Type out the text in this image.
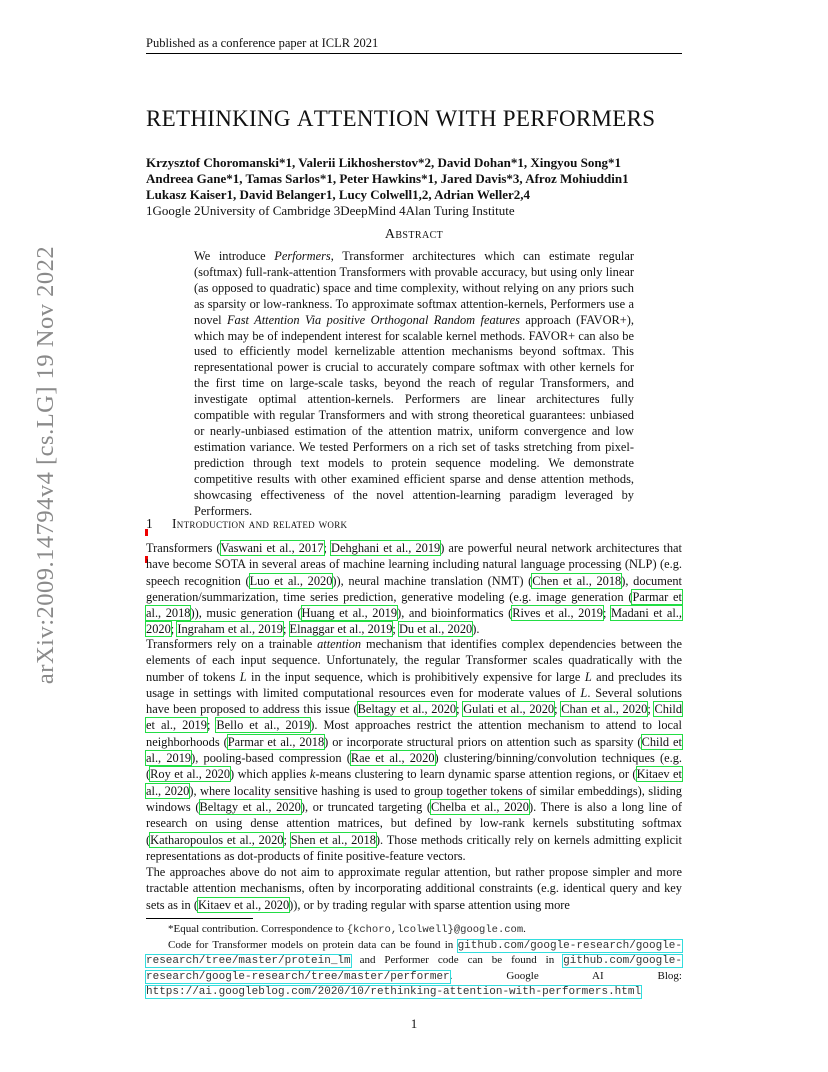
Published as a conference paper at ICLR 2021
RETHINKING ATTENTION WITH PERFORMERS
Krzysztof Choromanski*1, Valerii Likhosherstov*2, David Dohan*1, Xingyou Song*1
Andreea Gane*1, Tamas Sarlos*1, Peter Hawkins*1, Jared Davis*3, Afroz Mohiuddin1
Lukasz Kaiser1, David Belanger1, Lucy Colwell1,2, Adrian Weller2,4
1Google 2University of Cambridge 3DeepMind 4Alan Turing Institute
Abstract
We introduce Performers, Transformer architectures which can estimate regular (softmax) full-rank-attention Transformers with provable accuracy, but using only linear (as opposed to quadratic) space and time complexity, without relying on any priors such as sparsity or low-rankness. To approximate softmax attention-kernels, Performers use a novel Fast Attention Via positive Orthogonal Random features approach (FAVOR+), which may be of independent interest for scalable kernel methods. FAVOR+ can also be used to efficiently model kernelizable attention mechanisms beyond softmax. This representational power is crucial to accurately compare softmax with other kernels for the first time on large-scale tasks, beyond the reach of regular Transformers, and investigate optimal attention-kernels. Performers are linear architectures fully compatible with regular Transformers and with strong theoretical guarantees: unbiased or nearly-unbiased estimation of the attention matrix, uniform convergence and low estimation variance. We tested Performers on a rich set of tasks stretching from pixel-prediction through text models to protein sequence modeling. We demonstrate competitive results with other examined efficient sparse and dense attention methods, showcasing effectiveness of the novel attention-learning paradigm leveraged by Performers.
1 Introduction and related work
Transformers (Vaswani et al., 2017; Dehghani et al., 2019) are powerful neural network architectures that have become SOTA in several areas of machine learning including natural language processing (NLP) (e.g. speech recognition (Luo et al., 2020)), neural machine translation (NMT) (Chen et al., 2018), document generation/summarization, time series prediction, generative modeling (e.g. image generation (Parmar et al., 2018)), music generation (Huang et al., 2019), and bioinformatics (Rives et al., 2019; Madani et al., 2020; Ingraham et al., 2019; Elnaggar et al., 2019; Du et al., 2020).
Transformers rely on a trainable attention mechanism that identifies complex dependencies between the elements of each input sequence. Unfortunately, the regular Transformer scales quadratically with the number of tokens L in the input sequence, which is prohibitively expensive for large L and precludes its usage in settings with limited computational resources even for moderate values of L. Several solutions have been proposed to address this issue (Beltagy et al., 2020; Gulati et al., 2020; Chan et al., 2020; Child et al., 2019; Bello et al., 2019). Most approaches restrict the attention mechanism to attend to local neighborhoods (Parmar et al., 2018) or incorporate structural priors on attention such as sparsity (Child et al., 2019), pooling-based compression (Rae et al., 2020) clustering/binning/convolution techniques (e.g. (Roy et al., 2020) which applies k-means clustering to learn dynamic sparse attention regions, or (Kitaev et al., 2020), where locality sensitive hashing is used to group together tokens of similar embeddings), sliding windows (Beltagy et al., 2020), or truncated targeting (Chelba et al., 2020). There is also a long line of research on using dense attention matrices, but defined by low-rank kernels substituting softmax (Katharopoulos et al., 2020; Shen et al., 2018). Those methods critically rely on kernels admitting explicit representations as dot-products of finite positive-feature vectors.
The approaches above do not aim to approximate regular attention, but rather propose simpler and more tractable attention mechanisms, often by incorporating additional constraints (e.g. identical query and key sets as in (Kitaev et al., 2020)), or by trading regular with sparse attention using more
*Equal contribution. Correspondence to {kchoro,lcolwell}@google.com.
Code for Transformer models on protein data can be found in github.com/google-research/google-research/tree/master/protein_lm and Performer code can be found in github.com/google-research/google-research/tree/master/performer. Google AI Blog: https://ai.googleblog.com/2020/10/rethinking-attention-with-performers.html
1
arXiv:2009.14794v4 [cs.LG] 19 Nov 2022
